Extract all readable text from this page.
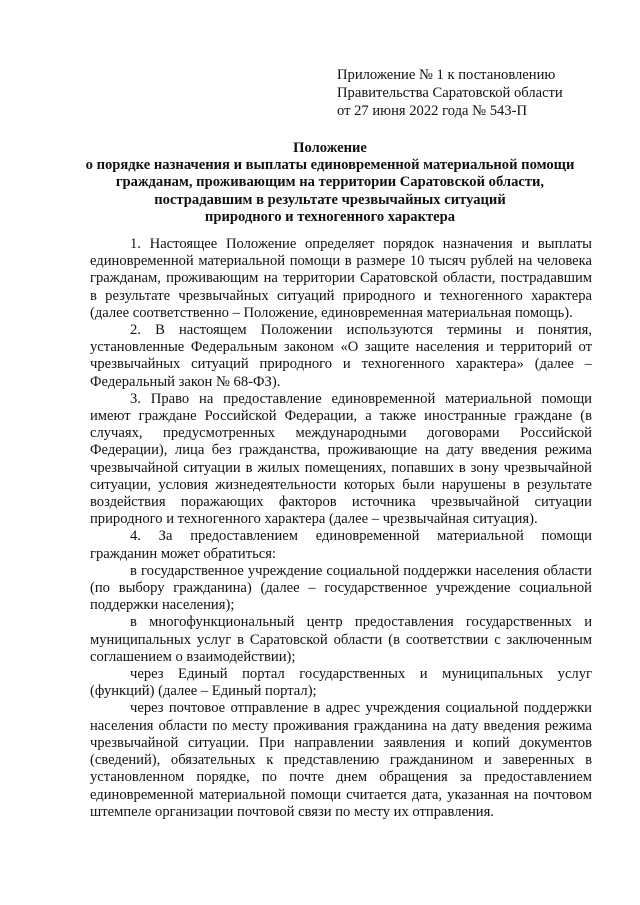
Приложение № 1 к постановлению
Правительства Саратовской области
от 27 июня 2022 года № 543-П
Положение
о порядке назначения и выплаты единовременной материальной помощи
гражданам, проживающим на территории Саратовской области,
пострадавшим в результате чрезвычайных ситуаций
природного и техногенного характера

1. Настоящее Положение определяет порядок назначения и выплаты единовременной материальной помощи в размере 10 тысяч рублей на человека гражданам, проживающим на территории Саратовской области, пострадавшим в результате чрезвычайных ситуаций природного и техногенного характера (далее соответственно – Положение, единовременная материальная помощь).

2. В настоящем Положении используются термины и понятия, установленные Федеральным законом «О защите населения и территорий от чрезвычайных ситуаций природного и техногенного характера» (далее – Федеральный закон № 68-ФЗ).

3. Право на предоставление единовременной материальной помощи имеют граждане Российской Федерации, а также иностранные граждане (в случаях, предусмотренных международными договорами Российской Федерации), лица без гражданства, проживающие на дату введения режима чрезвычайной ситуации в жилых помещениях, попавших в зону чрезвычайной ситуации, условия жизнедеятельности которых были нарушены в результате воздействия поражающих факторов источника чрезвычайной ситуации природного и техногенного характера (далее – чрезвычайная ситуация).

4. За предоставлением единовременной материальной помощи гражданин может обратиться:

в государственное учреждение социальной поддержки населения области (по выбору гражданина) (далее – государственное учреждение социальной поддержки населения);

в многофункциональный центр предоставления государственных и муниципальных услуг в Саратовской области (в соответствии с заключенным соглашением о взаимодействии);

через Единый портал государственных и муниципальных услуг (функций) (далее – Единый портал);

через почтовое отправление в адрес учреждения социальной поддержки населения области по месту проживания гражданина на дату введения режима чрезвычайной ситуации. При направлении заявления и копий документов (сведений), обязательных к представлению гражданином и заверенных в установленном порядке, по почте днем обращения за предоставлением единовременной материальной помощи считается дата, указанная на почтовом штемпеле организации почтовой связи по месту их отправления.
